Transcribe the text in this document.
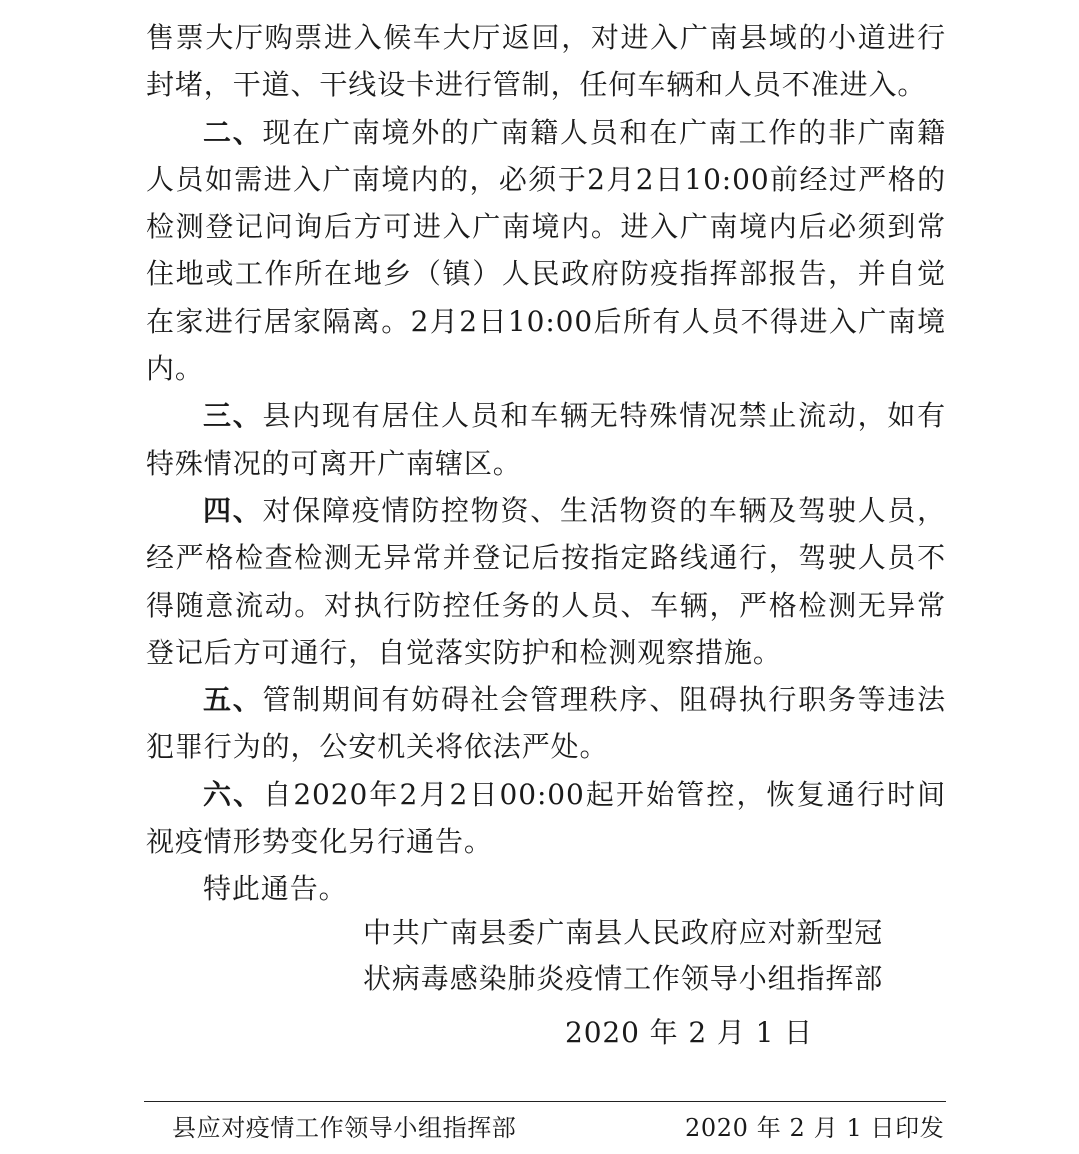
售票大厅购票进入候车大厅返回，对进入广南县域的小道进行封堵，干道、干线设卡进行管制，任何车辆和人员不准进入。

二、现在广南境外的广南籍人员和在广南工作的非广南籍人员如需进入广南境内的，必须于2月2日10:00前经过严格的检测登记问询后方可进入广南境内。进入广南境内后必须到常住地或工作所在地乡（镇）人民政府防疫指挥部报告，并自觉在家进行居家隔离。2月2日10:00后所有人员不得进入广南境内。

三、县内现有居住人员和车辆无特殊情况禁止流动，如有特殊情况的可离开广南辖区。

四、对保障疫情防控物资、生活物资的车辆及驾驶人员，经严格检查检测无异常并登记后按指定路线通行，驾驶人员不得随意流动。对执行防控任务的人员、车辆，严格检测无异常登记后方可通行，自觉落实防护和检测观察措施。

五、管制期间有妨碍社会管理秩序、阻碍执行职务等违法犯罪行为的，公安机关将依法严处。

六、自2020年2月2日00:00起开始管控，恢复通行时间视疫情形势变化另行通告。

特此通告。

中共广南县委广南县人民政府应对新型冠
状病毒感染肺炎疫情工作领导小组指挥部
2020 年 2 月 1 日
县应对疫情工作领导小组指挥部	2020 年 2 月 1 日印发
